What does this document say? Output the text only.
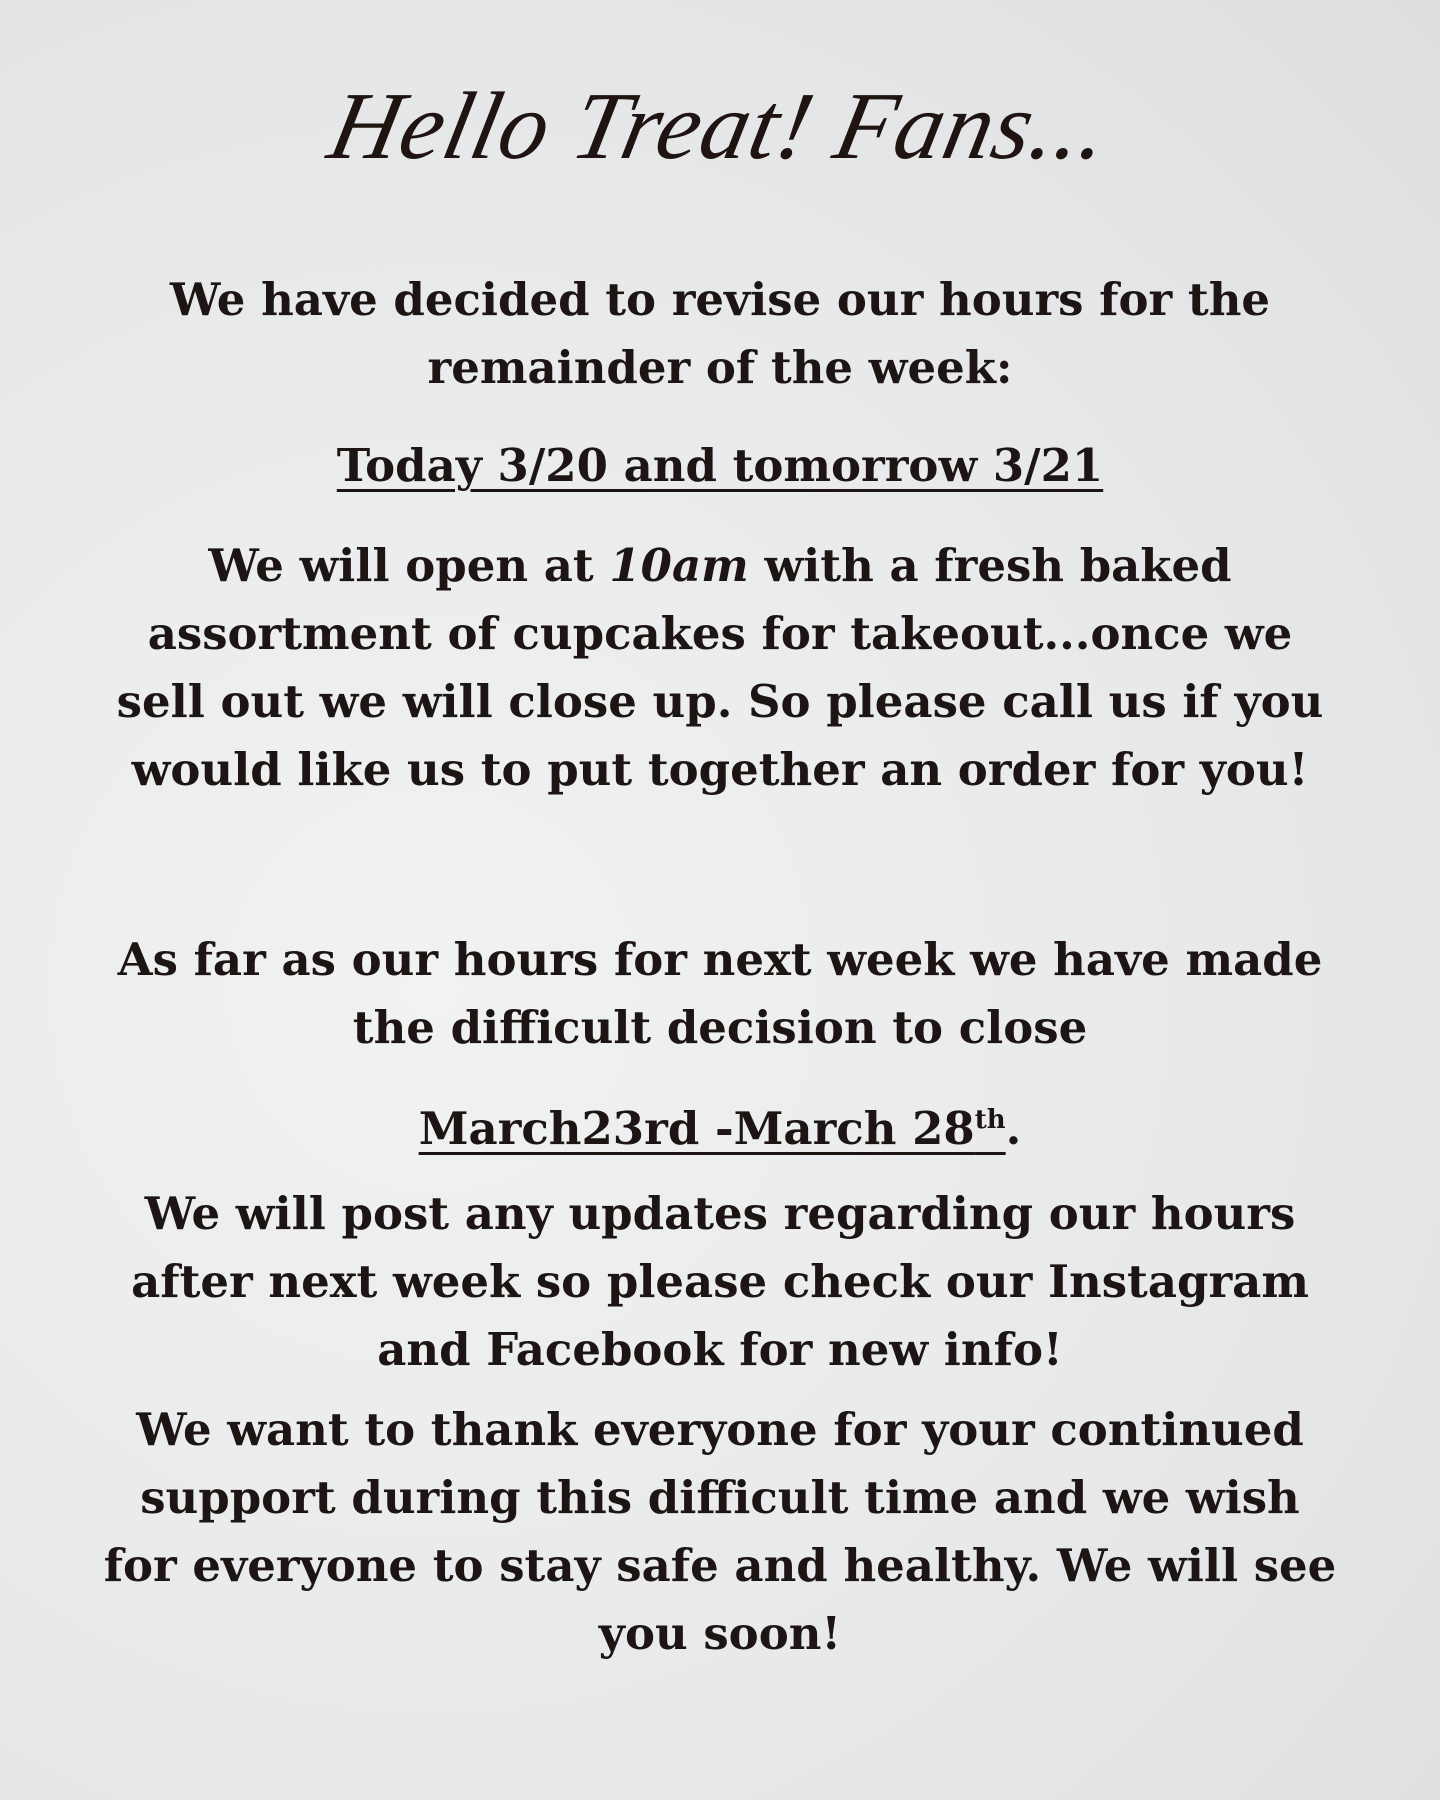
Hello Treat! Fans...
We have decided to revise our hours for the remainder of the week:
Today 3/20 and tomorrow 3/21
We will open at 10am with a fresh baked assortment of cupcakes for takeout...once we sell out we will close up. So please call us if you would like us to put together an order for you!
As far as our hours for next week we have made the difficult decision to close
March23rd -March 28th.
We will post any updates regarding our hours after next week so please check our Instagram and Facebook for new info!
We want to thank everyone for your continued support during this difficult time and we wish for everyone to stay safe and healthy. We will see you soon!
